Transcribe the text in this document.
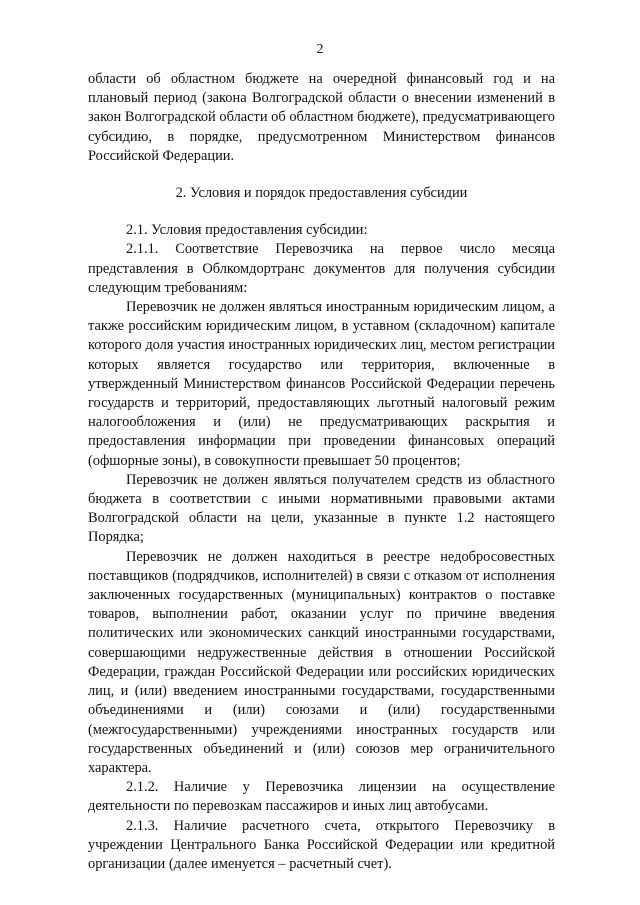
2

области об областном бюджете на очередной финансовый год и на плановый период (закона Волгоградской области о внесении изменений в закон Волгоградской области об областном бюджете), предусматривающего субсидию, в порядке, предусмотренном Министерством финансов Российской Федерации.

2. Условия и порядок предоставления субсидии

2.1. Условия предоставления субсидии:

2.1.1. Соответствие Перевозчика на первое число месяца представления в Облкомдортранс документов для получения субсидии следующим требованиям:

Перевозчик не должен являться иностранным юридическим лицом, а также российским юридическим лицом, в уставном (складочном) капитале которого доля участия иностранных юридических лиц, местом регистрации которых является государство или территория, включенные в утвержденный Министерством финансов Российской Федерации перечень государств и территорий, предоставляющих льготный налоговый режим налогообложения и (или) не предусматривающих раскрытия и предоставления информации при проведении финансовых операций (офшорные зоны), в совокупности превышает 50 процентов;

Перевозчик не должен являться получателем средств из областного бюджета в соответствии с иными нормативными правовыми актами Волгоградской области на цели, указанные в пункте 1.2 настоящего Порядка;

Перевозчик не должен находиться в реестре недобросовестных поставщиков (подрядчиков, исполнителей) в связи с отказом от исполнения заключенных государственных (муниципальных) контрактов о поставке товаров, выполнении работ, оказании услуг по причине введения политических или экономических санкций иностранными государствами, совершающими недружественные действия в отношении Российской Федерации, граждан Российской Федерации или российских юридических лиц, и (или) введением иностранными государствами, государственными объединениями и (или) союзами и (или) государственными (межгосударственными) учреждениями иностранных государств или государственных объединений и (или) союзов мер ограничительного характера.

2.1.2. Наличие у Перевозчика лицензии на осуществление деятельности по перевозкам пассажиров и иных лиц автобусами.

2.1.3. Наличие расчетного счета, открытого Перевозчику в учреждении Центрального Банка Российской Федерации или кредитной организации (далее именуется – расчетный счет).
